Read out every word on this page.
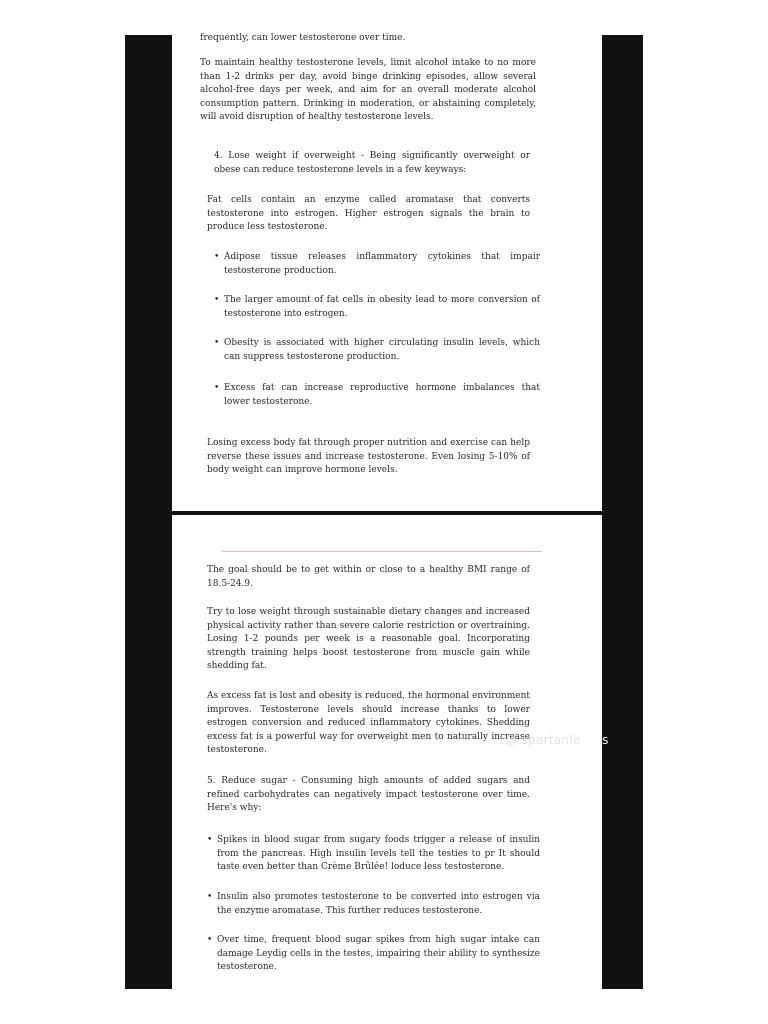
frequently, can lower testosterone over time.

To maintain healthy testosterone levels, limit alcohol intake to no more than 1-2 drinks per day, avoid binge drinking episodes, allow several alcohol-free days per week, and aim for an overall moderate alcohol consumption pattern. Drinking in moderation, or abstaining completely, will avoid disruption of healthy testosterone levels.

4. Lose weight if overweight - Being significantly overweight or obese can reduce testosterone levels in a few keyways:

Fat cells contain an enzyme called aromatase that converts testosterone into estrogen. Higher estrogen signals the brain to produce less testosterone.

• Adipose tissue releases inflammatory cytokines that impair testosterone production.
• The larger amount of fat cells in obesity lead to more conversion of testosterone into estrogen.
• Obesity is associated with higher circulating insulin levels, which can suppress testosterone production.
• Excess fat can increase reproductive hormone imbalances that lower testosterone.

Losing excess body fat through proper nutrition and exercise can help reverse these issues and increase testosterone. Even losing 5-10% of body weight can improve hormone levels.

The goal should be to get within or close to a healthy BMI range of 18.5-24.9.

Try to lose weight through sustainable dietary changes and increased physical activity rather than severe calorie restriction or overtraining. Losing 1-2 pounds per week is a reasonable goal. Incorporating strength training helps boost testosterone from muscle gain while shedding fat.

As excess fat is lost and obesity is reduced, the hormonal environment improves. Testosterone levels should increase thanks to lower estrogen conversion and reduced inflammatory cytokines. Shedding excess fat is a powerful way for overweight men to naturally increase testosterone.

5. Reduce sugar - Consuming high amounts of added sugars and refined carbohydrates can negatively impact testosterone over time. Here's why:

• Spikes in blood sugar from sugary foods trigger a release of insulin from the pancreas. High insulin levels tell the testies to pr It should taste even better than Crème Brûlée! loduce less testosterone.
• Insulin also promotes testosterone to be converted into estrogen via the enzyme aromatase. This further reduces testosterone.
• Over time, frequent blood sugar spikes from high sugar intake can damage Leydig cells in the testes, impairing their ability to synthesize testosterone.
@ spartanleakss
